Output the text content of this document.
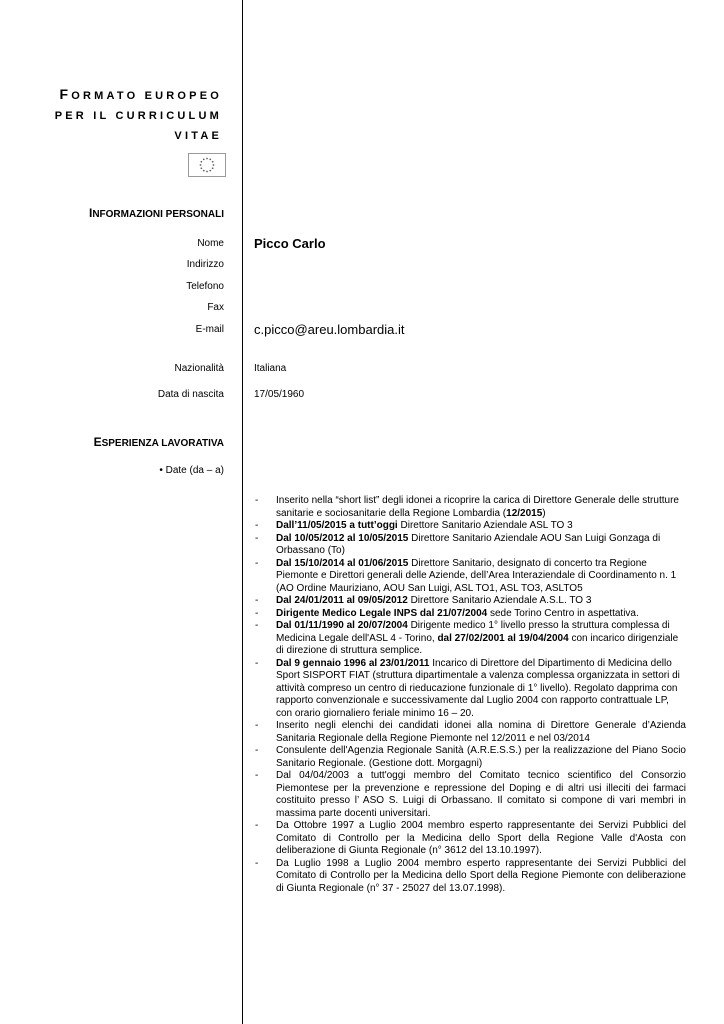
FORMATO EUROPEO
PER IL CURRICULUM
VITAE
INFORMAZIONI PERSONALI
Nome Picco Carlo
Indirizzo
Telefono
Fax
E-mail c.picco@areu.lombardia.it
Nazionalità	Italiana
Data di nascita	17/05/1960
ESPERIENZA LAVORATIVA
• Date (da – a)
- Inserito nella “short list” degli idonei a ricoprire la carica di Direttore Generale delle strutture sanitarie e sociosanitarie della Regione Lombardia (12/2015)
- Dall’11/05/2015 a tutt’oggi Direttore Sanitario Aziendale ASL TO 3
- Dal 10/05/2012 al 10/05/2015 Direttore Sanitario Aziendale AOU San Luigi Gonzaga di Orbassano (To)
- Dal 15/10/2014 al 01/06/2015 Direttore Sanitario, designato di concerto tra Regione Piemonte e Direttori generali delle Aziende, dell’Area Interaziendale di Coordinamento n. 1 (AO Ordine Mauriziano, AOU San Luigi, ASL TO1, ASL TO3, ASLTO5
- Dal 24/01/2011 al 09/05/2012 Direttore Sanitario Aziendale A.S.L. TO 3
- Dirigente Medico Legale INPS dal 21/07/2004 sede Torino Centro in aspettativa.
- Dal 01/11/1990 al 20/07/2004 Dirigente medico 1° livello presso la struttura complessa di Medicina Legale dell'ASL 4 - Torino, dal 27/02/2001 al 19/04/2004 con incarico dirigenziale di direzione di struttura semplice.
- Dal 9 gennaio 1996 al 23/01/2011 Incarico di Direttore del Dipartimento di Medicina dello Sport SISPORT FIAT (struttura dipartimentale a valenza complessa organizzata in settori di attività compreso un centro di rieducazione funzionale di 1° livello). Regolato dapprima con rapporto convenzionale e successivamente dal Luglio 2004 con rapporto contrattuale LP, con orario giornaliero feriale minimo 16 – 20.
- Inserito negli elenchi dei candidati idonei alla nomina di Direttore Generale d’Azienda Sanitaria Regionale della Regione Piemonte nel 12/2011 e nel 03/2014
- Consulente dell'Agenzia Regionale Sanità (A.R.E.S.S.) per la realizzazione del Piano Socio Sanitario Regionale. (Gestione dott. Morgagni)
- Dal 04/04/2003 a tutt'oggi membro del Comitato tecnico scientifico del Consorzio Piemontese per la prevenzione e repressione del Doping e di altri usi illeciti dei farmaci costituito presso l’ ASO S. Luigi di Orbassano. Il comitato si compone di vari membri in massima parte docenti universitari.
- Da Ottobre 1997 a Luglio 2004 membro esperto rappresentante dei Servizi Pubblici del Comitato di Controllo per la Medicina dello Sport della Regione Valle d'Aosta con deliberazione di Giunta Regionale (n° 3612 del 13.10.1997).
- Da Luglio 1998 a Luglio 2004 membro esperto rappresentante dei Servizi Pubblici del Comitato di Controllo per la Medicina dello Sport della Regione Piemonte con deliberazione di Giunta Regionale (n° 37 - 25027 del 13.07.1998).
